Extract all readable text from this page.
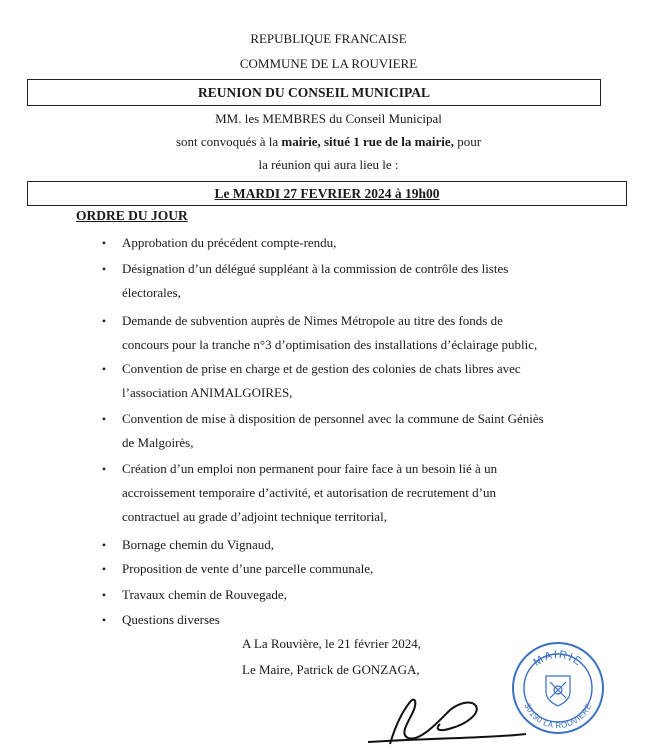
REPUBLIQUE FRANCAISE
COMMUNE DE LA ROUVIERE
REUNION DU CONSEIL MUNICIPAL
MM. les MEMBRES du Conseil Municipal
sont convoqués à la mairie, situé 1 rue de la mairie, pour
la réunion qui aura lieu le :
Le MARDI 27 FEVRIER 2024 à 19h00
ORDRE DU JOUR
• Approbation du précédent compte-rendu,
• Désignation d’un délégué suppléant à la commission de contrôle des listes
électorales,
• Demande de subvention auprès de Nimes Métropole au titre des fonds de
concours pour la tranche n°3 d’optimisation des installations d’éclairage public,
• Convention de prise en charge et de gestion des colonies de chats libres avec
l’association ANIMALGOIRES,
• Convention de mise à disposition de personnel avec la commune de Saint Géniès
de Malgoirès,
• Création d’un emploi non permanent pour faire face à un besoin lié à un
accroissement temporaire d’activité, et autorisation de recrutement d’un
contractuel au grade d’adjoint technique territorial,
• Bornage chemin du Vignaud,
• Proposition de vente d’une parcelle communale,
• Travaux chemin de Rouvegade,
• Questions diverses
A La Rouvière, le 21 février 2024,
Le Maire, Patrick de GONZAGA,
MAIRIE
30190 LA ROUVIERE
